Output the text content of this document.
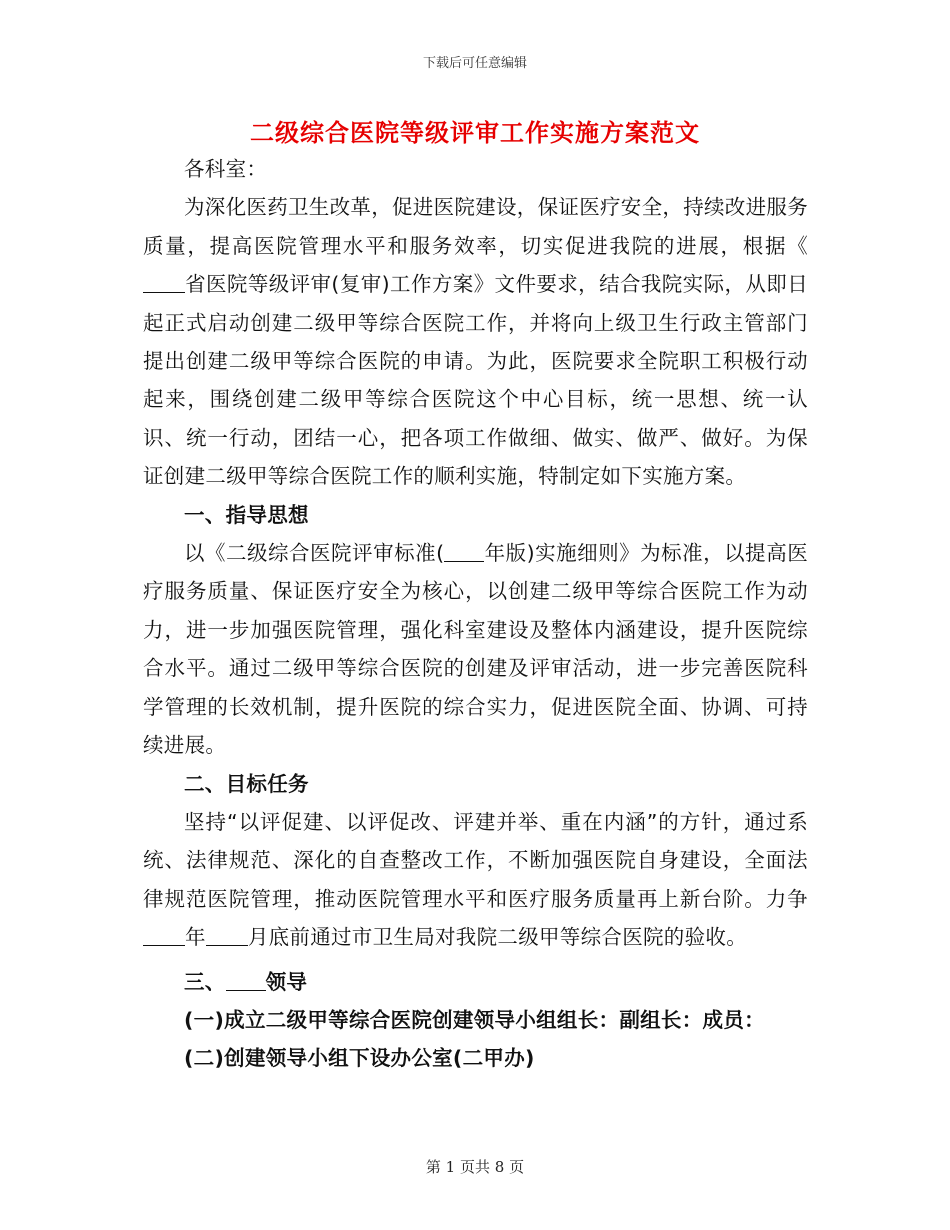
下载后可任意编辑
二级综合医院等级评审工作实施方案范文

各科室：

为深化医药卫生改革，促进医院建设，保证医疗安全，持续改进服务质量，提高医院管理水平和服务效率，切实促进我院的进展，根据《省医院等级评审(复审)工作方案》文件要求，结合我院实际，从即日起正式启动创建二级甲等综合医院工作，并将向上级卫生行政主管部门提出创建二级甲等综合医院的申请。为此，医院要求全院职工积极行动起来，围绕创建二级甲等综合医院这个中心目标，统一思想、统一认识、统一行动，团结一心，把各项工作做细、做实、做严、做好。为保证创建二级甲等综合医院工作的顺利实施，特制定如下实施方案。

一、指导思想

以《二级综合医院评审标准( 年版)实施细则》为标准，以提高医疗服务质量、保证医疗安全为核心，以创建二级甲等综合医院工作为动力，进一步加强医院管理，强化科室建设及整体内涵建设，提升医院综合水平。通过二级甲等综合医院的创建及评审活动，进一步完善医院科学管理的长效机制，提升医院的综合实力，促进医院全面、协调、可持续进展。

二、目标任务

坚持“以评促建、以评促改、评建并举、重在内涵”的方针，通过系统、法律规范、深化的自查整改工作，不断加强医院自身建设，全面法律规范医院管理，推动医院管理水平和医疗服务质量再上新台阶。力争年 月底前通过市卫生局对我院二级甲等综合医院的验收。

三、 领导

(一)成立二级甲等综合医院创建领导小组组长：副组长：成员：

(二)创建领导小组下设办公室(二甲办)

第 1 页共 8 页
